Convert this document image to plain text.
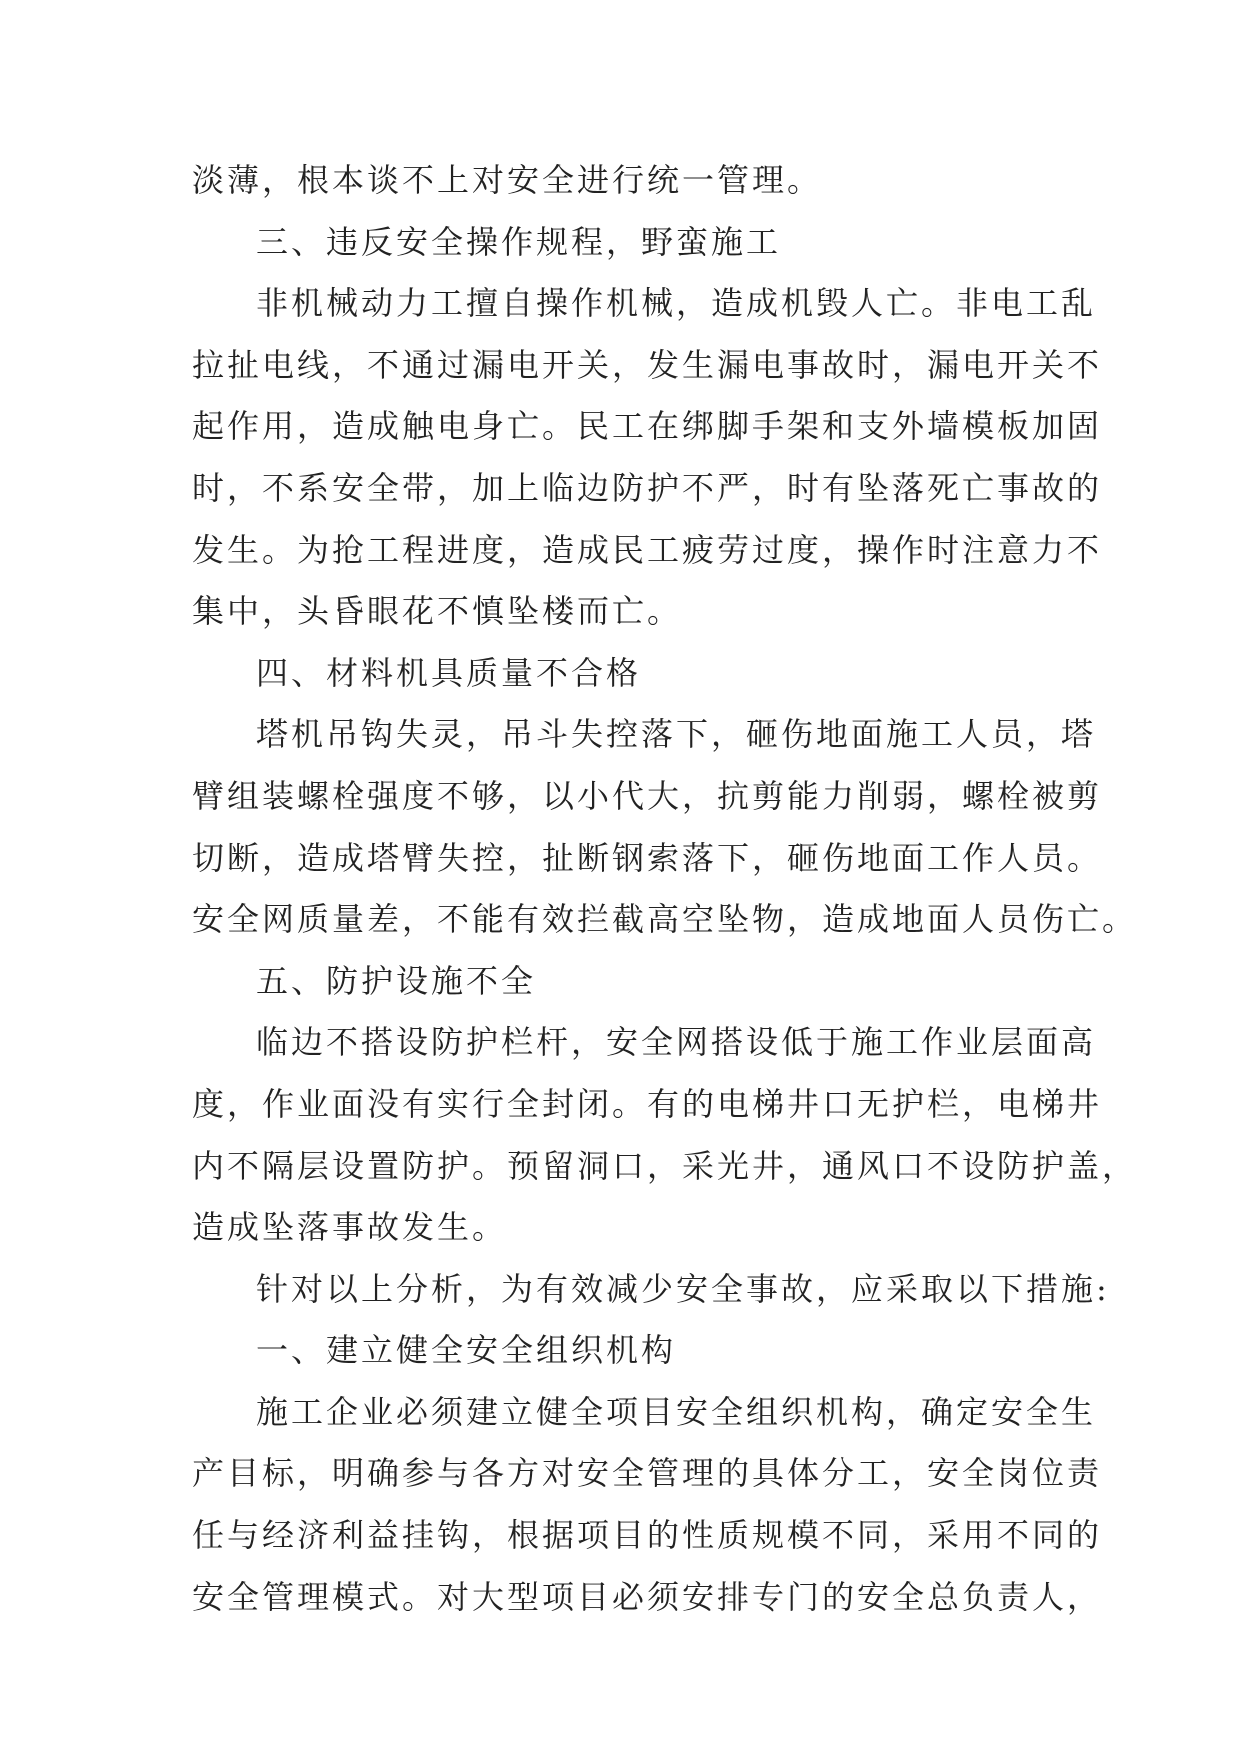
淡薄，根本谈不上对安全进行统一管理。
三、违反安全操作规程，野蛮施工
非机械动力工擅自操作机械，造成机毁人亡。非电工乱
拉扯电线，不通过漏电开关，发生漏电事故时，漏电开关不
起作用，造成触电身亡。民工在绑脚手架和支外墙模板加固
时，不系安全带，加上临边防护不严，时有坠落死亡事故的
发生。为抢工程进度，造成民工疲劳过度，操作时注意力不
集中，头昏眼花不慎坠楼而亡。
四、材料机具质量不合格
塔机吊钩失灵，吊斗失控落下，砸伤地面施工人员，塔
臂组装螺栓强度不够，以小代大，抗剪能力削弱，螺栓被剪
切断，造成塔臂失控，扯断钢索落下，砸伤地面工作人员。
安全网质量差，不能有效拦截高空坠物，造成地面人员伤亡。
五、防护设施不全
临边不搭设防护栏杆，安全网搭设低于施工作业层面高
度，作业面没有实行全封闭。有的电梯井口无护栏，电梯井
内不隔层设置防护。预留洞口，采光井，通风口不设防护盖，
造成坠落事故发生。
针对以上分析，为有效减少安全事故，应采取以下措施:
一、建立健全安全组织机构
施工企业必须建立健全项目安全组织机构，确定安全生
产目标，明确参与各方对安全管理的具体分工，安全岗位责
任与经济利益挂钩，根据项目的性质规模不同，采用不同的
安全管理模式。对大型项目必须安排专门的安全总负责人，
